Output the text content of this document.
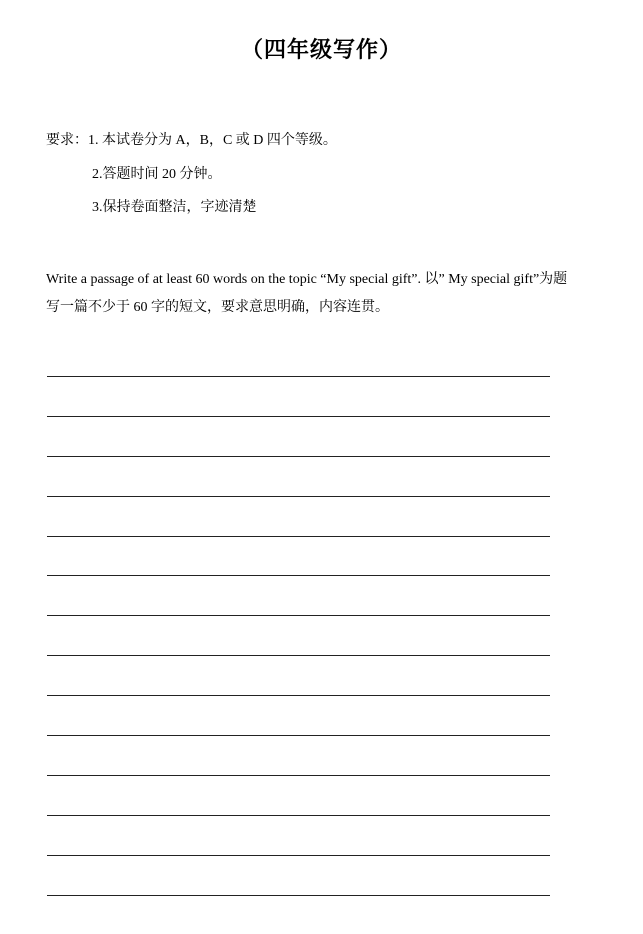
（四年级写作）
要求：1. 本试卷分为 A，B，C 或 D 四个等级。
2.答题时间 20 分钟。
3.保持卷面整洁，字迹清楚

Write a passage of at least 60 words on the topic “My special gift”. 以” My special gift”为题

写一篇不少于 60 字的短文，要求意思明确，内容连贯。
